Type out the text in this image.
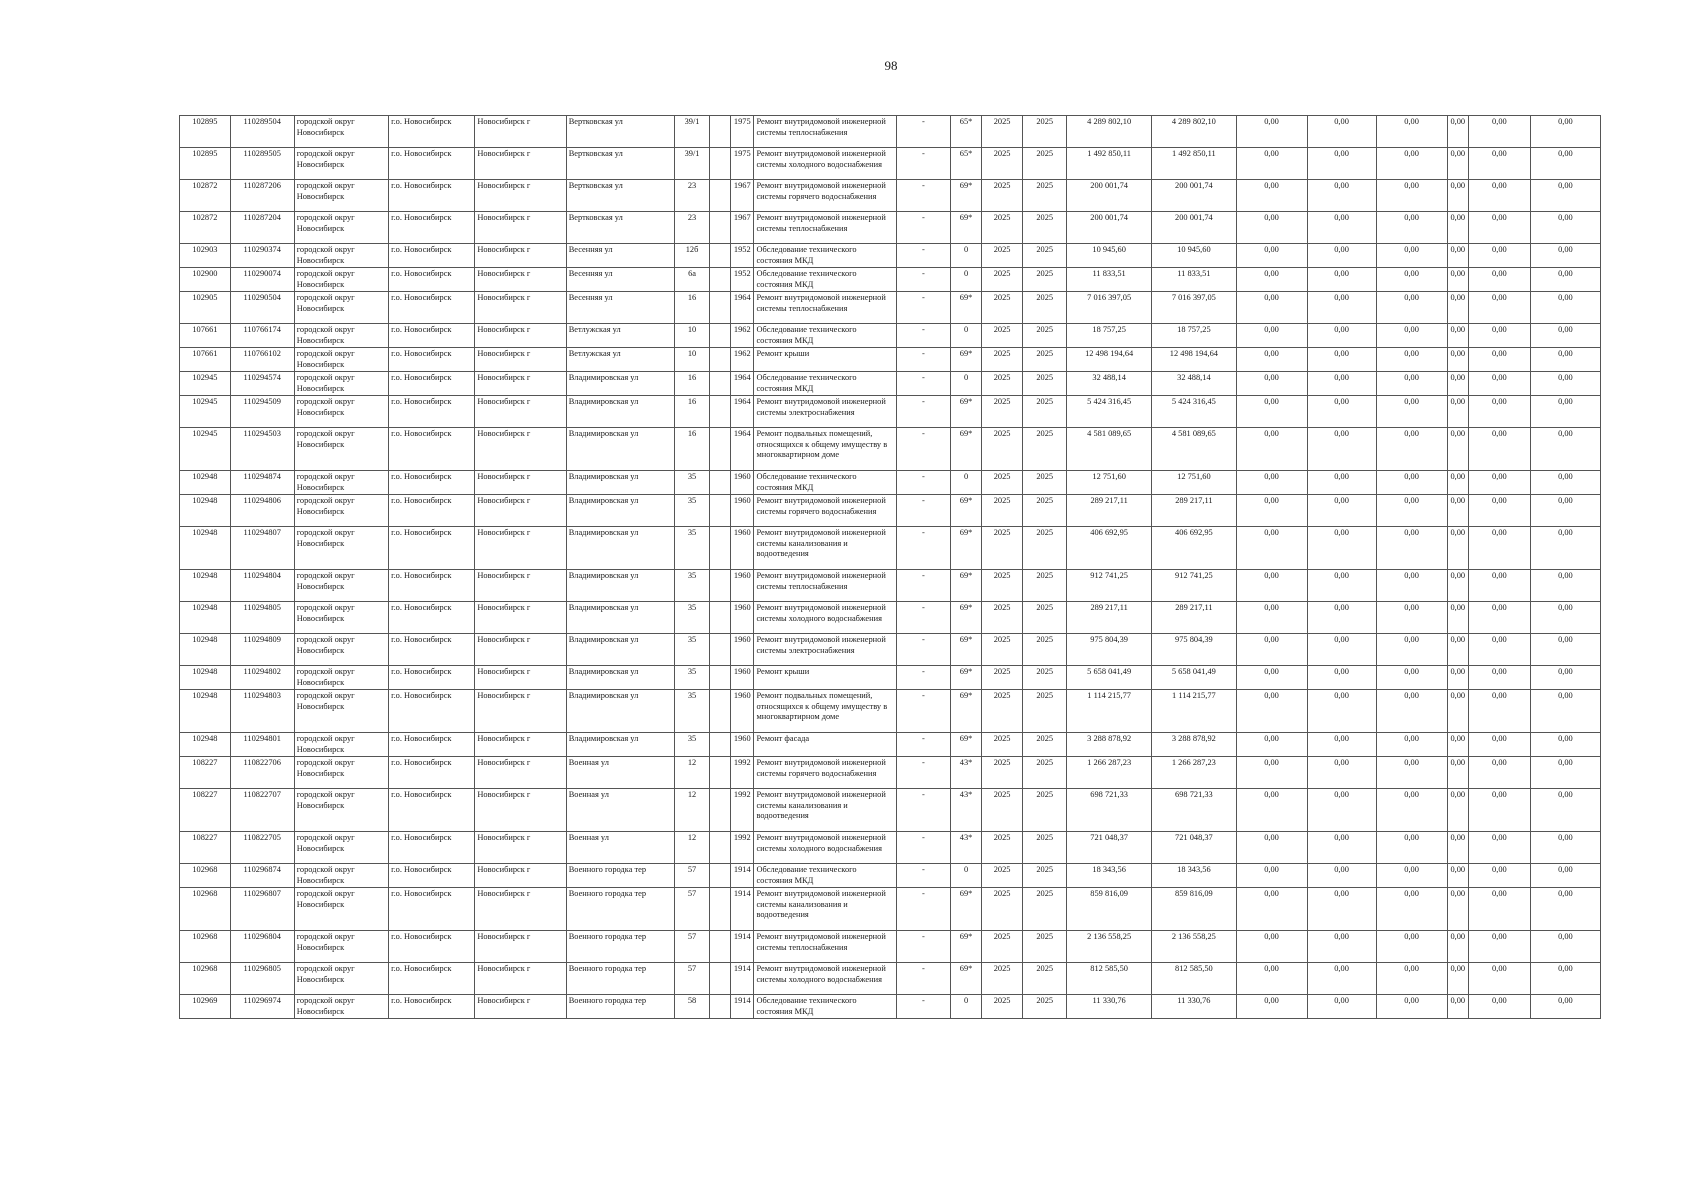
98
102895	110289504	городской округ Новосибирск	г.о. Новосибирск	Новосибирск г	Вертковская ул	39/1		1975	Ремонт внутридомовой инженерной системы теплоснабжения	-	65*	2025	2025	4 289 802,10	4 289 802,10	0,00	0,00	0,00	0,00	0,00	0,00
102895	110289505	городской округ Новосибирск	г.о. Новосибирск	Новосибирск г	Вертковская ул	39/1		1975	Ремонт внутридомовой инженерной системы холодного водоснабжения	-	65*	2025	2025	1 492 850,11	1 492 850,11	0,00	0,00	0,00	0,00	0,00	0,00
102872	110287206	городской округ Новосибирск	г.о. Новосибирск	Новосибирск г	Вертковская ул	23		1967	Ремонт внутридомовой инженерной системы горячего водоснабжения	-	69*	2025	2025	200 001,74	200 001,74	0,00	0,00	0,00	0,00	0,00	0,00
102872	110287204	городской округ Новосибирск	г.о. Новосибирск	Новосибирск г	Вертковская ул	23		1967	Ремонт внутридомовой инженерной системы теплоснабжения	-	69*	2025	2025	200 001,74	200 001,74	0,00	0,00	0,00	0,00	0,00	0,00
102903	110290374	городской округ Новосибирск	г.о. Новосибирск	Новосибирск г	Весенняя ул	12б		1952	Обследование технического состояния МКД	-	0	2025	2025	10 945,60	10 945,60	0,00	0,00	0,00	0,00	0,00	0,00
102900	110290074	городской округ Новосибирск	г.о. Новосибирск	Новосибирск г	Весенняя ул	6а		1952	Обследование технического состояния МКД	-	0	2025	2025	11 833,51	11 833,51	0,00	0,00	0,00	0,00	0,00	0,00
102905	110290504	городской округ Новосибирск	г.о. Новосибирск	Новосибирск г	Весенняя ул	16		1964	Ремонт внутридомовой инженерной системы теплоснабжения	-	69*	2025	2025	7 016 397,05	7 016 397,05	0,00	0,00	0,00	0,00	0,00	0,00
107661	110766174	городской округ Новосибирск	г.о. Новосибирск	Новосибирск г	Ветлужская ул	10		1962	Обследование технического состояния МКД	-	0	2025	2025	18 757,25	18 757,25	0,00	0,00	0,00	0,00	0,00	0,00
107661	110766102	городской округ Новосибирск	г.о. Новосибирск	Новосибирск г	Ветлужская ул	10		1962	Ремонт крыши	-	69*	2025	2025	12 498 194,64	12 498 194,64	0,00	0,00	0,00	0,00	0,00	0,00
102945	110294574	городской округ Новосибирск	г.о. Новосибирск	Новосибирск г	Владимировская ул	16		1964	Обследование технического состояния МКД	-	0	2025	2025	32 488,14	32 488,14	0,00	0,00	0,00	0,00	0,00	0,00
102945	110294509	городской округ Новосибирск	г.о. Новосибирск	Новосибирск г	Владимировская ул	16		1964	Ремонт внутридомовой инженерной системы электроснабжения	-	69*	2025	2025	5 424 316,45	5 424 316,45	0,00	0,00	0,00	0,00	0,00	0,00
102945	110294503	городской округ Новосибирск	г.о. Новосибирск	Новосибирск г	Владимировская ул	16		1964	Ремонт подвальных помещений, относящихся к общему имуществу в многоквартирном доме	-	69*	2025	2025	4 581 089,65	4 581 089,65	0,00	0,00	0,00	0,00	0,00	0,00
102948	110294874	городской округ Новосибирск	г.о. Новосибирск	Новосибирск г	Владимировская ул	35		1960	Обследование технического состояния МКД	-	0	2025	2025	12 751,60	12 751,60	0,00	0,00	0,00	0,00	0,00	0,00
102948	110294806	городской округ Новосибирск	г.о. Новосибирск	Новосибирск г	Владимировская ул	35		1960	Ремонт внутридомовой инженерной системы горячего водоснабжения	-	69*	2025	2025	289 217,11	289 217,11	0,00	0,00	0,00	0,00	0,00	0,00
102948	110294807	городской округ Новосибирск	г.о. Новосибирск	Новосибирск г	Владимировская ул	35		1960	Ремонт внутридомовой инженерной системы канализования и водоотведения	-	69*	2025	2025	406 692,95	406 692,95	0,00	0,00	0,00	0,00	0,00	0,00
102948	110294804	городской округ Новосибирск	г.о. Новосибирск	Новосибирск г	Владимировская ул	35		1960	Ремонт внутридомовой инженерной системы теплоснабжения	-	69*	2025	2025	912 741,25	912 741,25	0,00	0,00	0,00	0,00	0,00	0,00
102948	110294805	городской округ Новосибирск	г.о. Новосибирск	Новосибирск г	Владимировская ул	35		1960	Ремонт внутридомовой инженерной системы холодного водоснабжения	-	69*	2025	2025	289 217,11	289 217,11	0,00	0,00	0,00	0,00	0,00	0,00
102948	110294809	городской округ Новосибирск	г.о. Новосибирск	Новосибирск г	Владимировская ул	35		1960	Ремонт внутридомовой инженерной системы электроснабжения	-	69*	2025	2025	975 804,39	975 804,39	0,00	0,00	0,00	0,00	0,00	0,00
102948	110294802	городской округ Новосибирск	г.о. Новосибирск	Новосибирск г	Владимировская ул	35		1960	Ремонт крыши	-	69*	2025	2025	5 658 041,49	5 658 041,49	0,00	0,00	0,00	0,00	0,00	0,00
102948	110294803	городской округ Новосибирск	г.о. Новосибирск	Новосибирск г	Владимировская ул	35		1960	Ремонт подвальных помещений, относящихся к общему имуществу в многоквартирном доме	-	69*	2025	2025	1 114 215,77	1 114 215,77	0,00	0,00	0,00	0,00	0,00	0,00
102948	110294801	городской округ Новосибирск	г.о. Новосибирск	Новосибирск г	Владимировская ул	35		1960	Ремонт фасада	-	69*	2025	2025	3 288 878,92	3 288 878,92	0,00	0,00	0,00	0,00	0,00	0,00
108227	110822706	городской округ Новосибирск	г.о. Новосибирск	Новосибирск г	Военная ул	12		1992	Ремонт внутридомовой инженерной системы горячего водоснабжения	-	43*	2025	2025	1 266 287,23	1 266 287,23	0,00	0,00	0,00	0,00	0,00	0,00
108227	110822707	городской округ Новосибирск	г.о. Новосибирск	Новосибирск г	Военная ул	12		1992	Ремонт внутридомовой инженерной системы канализования и водоотведения	-	43*	2025	2025	698 721,33	698 721,33	0,00	0,00	0,00	0,00	0,00	0,00
108227	110822705	городской округ Новосибирск	г.о. Новосибирск	Новосибирск г	Военная ул	12		1992	Ремонт внутридомовой инженерной системы холодного водоснабжения	-	43*	2025	2025	721 048,37	721 048,37	0,00	0,00	0,00	0,00	0,00	0,00
102968	110296874	городской округ Новосибирск	г.о. Новосибирск	Новосибирск г	Военного городка тер	57		1914	Обследование технического состояния МКД	-	0	2025	2025	18 343,56	18 343,56	0,00	0,00	0,00	0,00	0,00	0,00
102968	110296807	городской округ Новосибирск	г.о. Новосибирск	Новосибирск г	Военного городка тер	57		1914	Ремонт внутридомовой инженерной системы канализования и водоотведения	-	69*	2025	2025	859 816,09	859 816,09	0,00	0,00	0,00	0,00	0,00	0,00
102968	110296804	городской округ Новосибирск	г.о. Новосибирск	Новосибирск г	Военного городка тер	57		1914	Ремонт внутридомовой инженерной системы теплоснабжения	-	69*	2025	2025	2 136 558,25	2 136 558,25	0,00	0,00	0,00	0,00	0,00	0,00
102968	110296805	городской округ Новосибирск	г.о. Новосибирск	Новосибирск г	Военного городка тер	57		1914	Ремонт внутридомовой инженерной системы холодного водоснабжения	-	69*	2025	2025	812 585,50	812 585,50	0,00	0,00	0,00	0,00	0,00	0,00
102969	110296974	городской округ Новосибирск	г.о. Новосибирск	Новосибирск г	Военного городка тер	58		1914	Обследование технического состояния МКД	-	0	2025	2025	11 330,76	11 330,76	0,00	0,00	0,00	0,00	0,00	0,00
